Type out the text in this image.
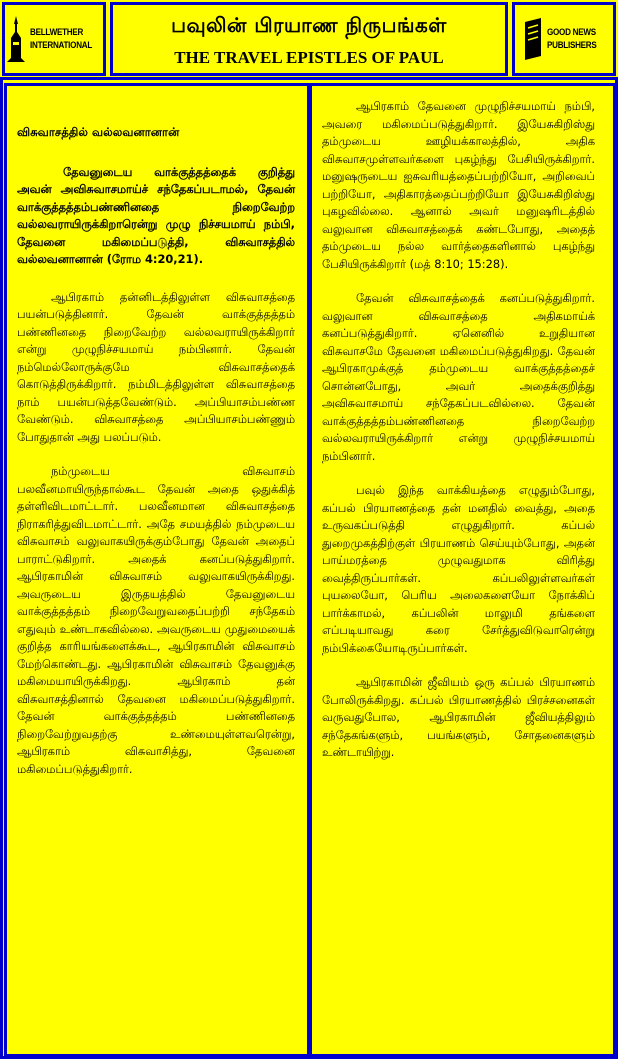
BELLWETHER
INTERNATIONAL
பவுலின் பிரயாண நிருபங்கள்
THE TRAVEL EPISTLES OF PAUL
GOOD NEWS
PUBLISHERS
விசுவாசத்தில் வல்லவனானான்

தேவனுடைய வாக்குத்தத்தைக் குறித்து அவன் அவிசுவாசமாய்ச் சந்தேகப்படாமல், தேவன் வாக்குத்தத்தம்பண்ணினதை நிறைவேற்ற வல்லவராயிருக்கிறாரென்று முழு நிச்சயமாய் நம்பி, தேவனை மகிமைப்படுத்தி, விசுவாசத்தில் வல்லவனானான் (ரோம 4:20,21).

ஆபிரகாம் தன்னிடத்திலுள்ள விசுவாசத்தை பயன்படுத்தினார். தேவன் வாக்குத்தத்தம் பண்ணினதை நிறைவேற்ற வல்லவராயிருக்கிறார் என்று முழுநிச்சயமாய் நம்பினார். தேவன் நம்மெல்லோருக்குமே விசுவாசத்தைக் கொடுத்திருக்கிறார். நம்மிடத்திலுள்ள விசுவாசத்தை நாம் பயன்படுத்தவேண்டும். அப்பியாசம்பண்ண வேண்டும். விசுவாசத்தை அப்பியாசம்பண்ணும் போதுதான் அது பலப்படும்.

நம்முடைய விசுவாசம் பலவீனமாயிருந்தால்கூட தேவன் அதை ஒதுக்கித் தள்ளிவிடமாட்டார். பலவீனமான விசுவாசத்தை நிராகரித்துவிடமாட்டார். அதே சமயத்தில் நம்முடைய விசுவாசம் வலுவாகயிருக்கும்போது தேவன் அதைப் பாராட்டுகிறார். அதைக் கனப்படுத்துகிறார். ஆபிரகாமின் விசுவாசம் வலுவாகயிருக்கிறது. அவருடைய இருதயத்தில் தேவனுடைய வாக்குத்தத்தம் நிறைவேறுவதைப்பற்றி சந்தேகம் எதுவும் உண்டாகவில்லை. அவருடைய முதுமையைக் குறித்த காரியங்களைக்கூட, ஆபிரகாமின் விசுவாசம் மேற்கொண்டது. ஆபிரகாமின் விசுவாசம் தேவனுக்கு மகிமையாயிருக்கிறது. ஆபிரகாம் தன் விசுவாசத்தினால் தேவனை மகிமைப்படுத்துகிறார். தேவன் வாக்குத்தத்தம் பண்ணினதை நிறைவேற்றுவதற்கு உண்மையுள்ளவரென்று, ஆபிரகாம் விசுவாசித்து, தேவனை மகிமைப்படுத்துகிறார்.

ஆபிரகாம் தேவனை முழுநிச்சயமாய் நம்பி, அவரை மகிமைப்படுத்துகிறார். இயேசுகிறிஸ்து தம்முடைய ஊழியக்காலத்தில், அதிக விசுவாசமுள்ளவர்களை புகழ்ந்து பேசியிருக்கிறார். மனுஷருடைய ஐசுவரியத்தைப்பற்றியோ, அறிவைப் பற்றியோ, அதிகாரத்தைப்பற்றியோ இயேசுகிறிஸ்து புகழவில்லை. ஆனால் அவர் மனுஷரிடத்தில் வலுவான விசுவாசத்தைக் கண்டபோது, அதைத் தம்முடைய நல்ல வார்த்தைகளினால் புகழ்ந்து பேசியிருக்கிறார் (மத் 8:10; 15:28).

தேவன் விசுவாசத்தைக் கனப்படுத்துகிறார். வலுவான விசுவாசத்தை அதிகமாய்க் கனப்படுத்துகிறார். ஏனெனில் உறுதியான விசுவாசமே தேவனை மகிமைப்படுத்துகிறது. தேவன் ஆபிரகாமுக்குத் தம்முடைய வாக்குத்தத்தைச் சொன்னபோது, அவர் அதைக்குறித்து அவிசுவாசமாய் சந்தேகப்படவில்லை. தேவன் வாக்குத்தத்தம்பண்ணினதை நிறைவேற்ற வல்லவராயிருக்கிறார் என்று முழுநிச்சயமாய் நம்பினார்.

பவுல் இந்த வாக்கியத்தை எழுதும்போது, கப்பல் பிரயாணத்தை தன் மனதில் வைத்து, அதை உருவகப்படுத்தி எழுதுகிறார். கப்பல் துறைமுகத்திற்குள் பிரயாணம் செய்யும்போது, அதன் பாய்மரத்தை முழுவதுமாக விரித்து வைத்திருப்பார்கள். கப்பலிலுள்ளவர்கள் புயலையோ, பெரிய அலைகளையோ நோக்கிப் பார்க்காமல், கப்பலின் மாலுமி தங்களை எப்படியாவது கரை சேர்த்துவிடுவாரென்று நம்பிக்கையோடிருப்பார்கள்.

ஆபிரகாமின் ஜீவியம் ஒரு கப்பல் பிரயாணம் போலிருக்கிறது. கப்பல் பிரயாணத்தில் பிரச்சனைகள் வருவதுபோல, ஆபிரகாமின் ஜீவியத்திலும் சந்தேகங்களும், பயங்களும், சோதனைகளும் உண்டாயிற்று.
